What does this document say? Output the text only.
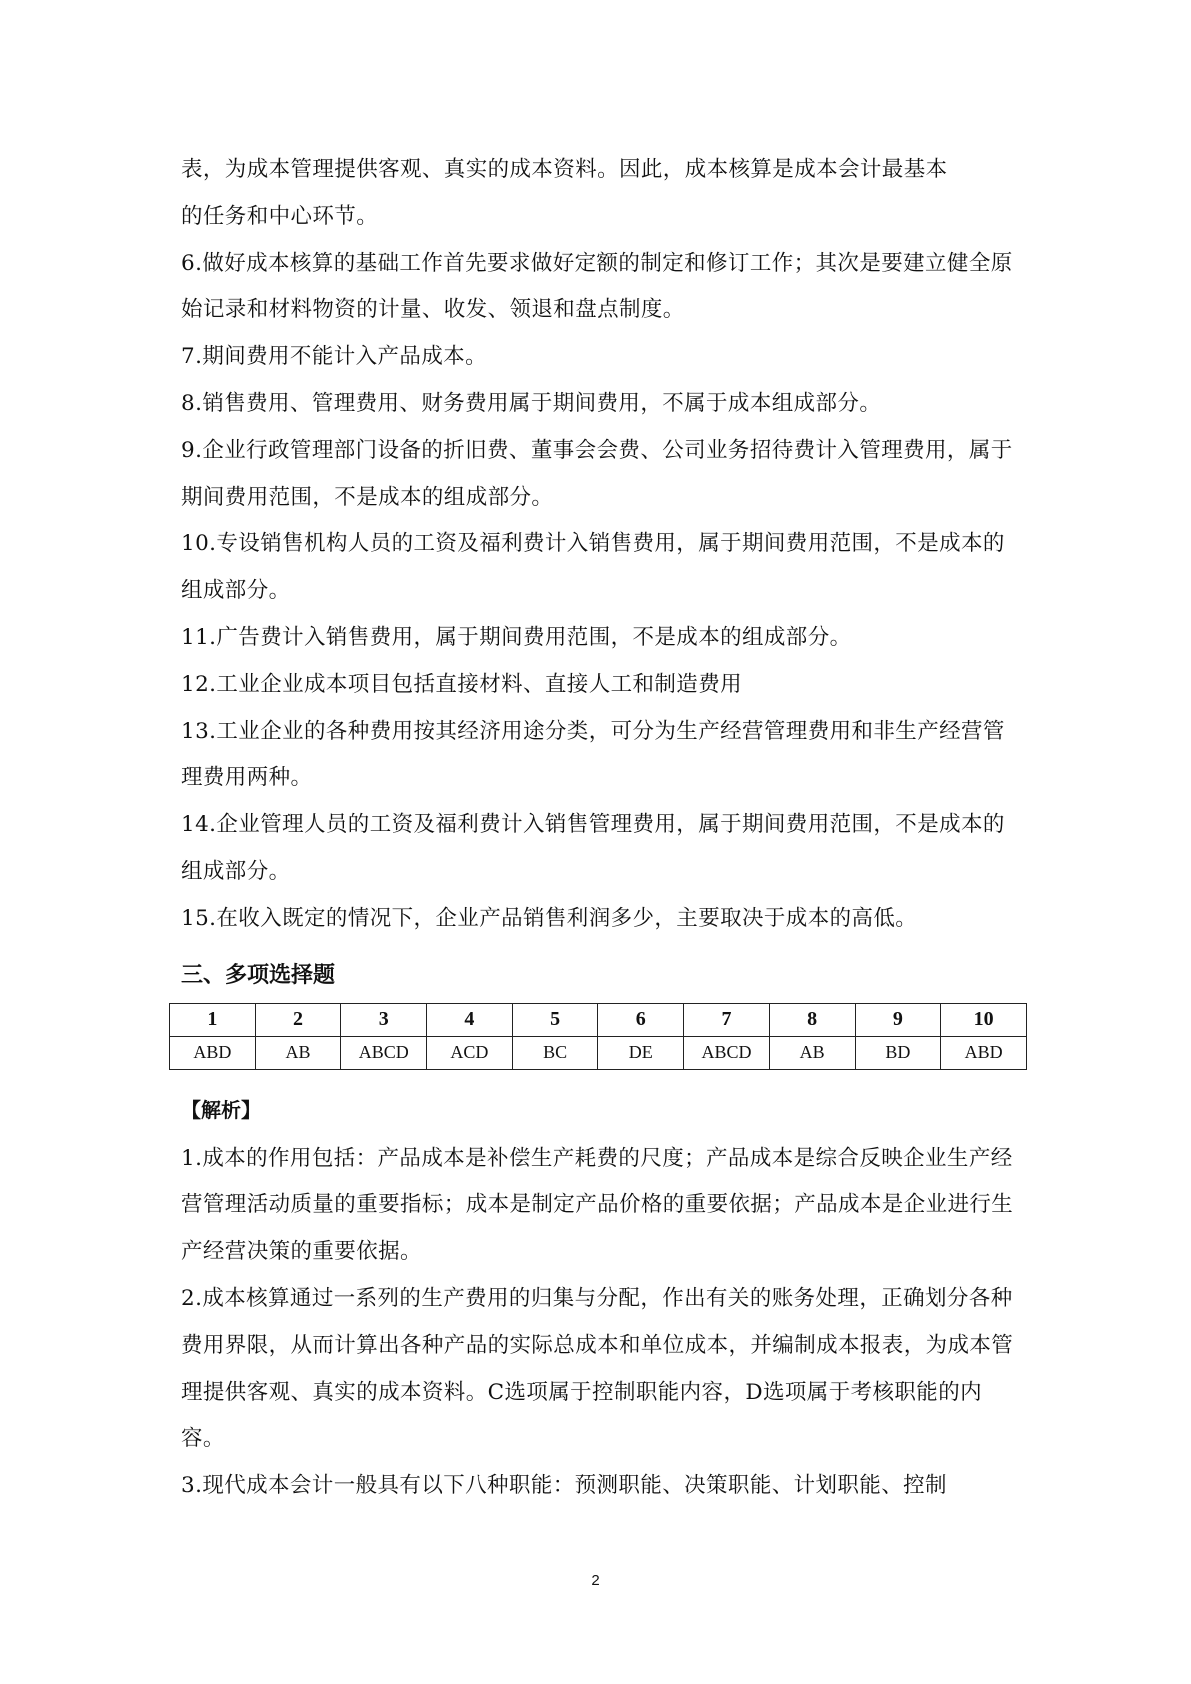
表，为成本管理提供客观、真实的成本资料。因此，成本核算是成本会计最基本

的任务和中心环节。

6.做好成本核算的基础工作首先要求做好定额的制定和修订工作；其次是要建立健全原始记录和材料物资的计量、收发、领退和盘点制度。

7.期间费用不能计入产品成本。

8.销售费用、管理费用、财务费用属于期间费用，不属于成本组成部分。

9.企业行政管理部门设备的折旧费、董事会会费、公司业务招待费计入管理费用，属于期间费用范围，不是成本的组成部分。

10.专设销售机构人员的工资及福利费计入销售费用，属于期间费用范围，不是成本的组成部分。

11.广告费计入销售费用，属于期间费用范围，不是成本的组成部分。

12.工业企业成本项目包括直接材料、直接人工和制造费用

13.工业企业的各种费用按其经济用途分类，可分为生产经营管理费用和非生产经营管理费用两种。

14.企业管理人员的工资及福利费计入销售管理费用，属于期间费用范围，不是成本的组成部分。

15.在收入既定的情况下，企业产品销售利润多少，主要取决于成本的高低。

三、多项选择题
1	2	3	4	5	6	7	8	9	10
ABD	AB	ABCD	ACD	BC	DE	ABCD	AB	BD	ABD
【解析】

1.成本的作用包括：产品成本是补偿生产耗费的尺度；产品成本是综合反映企业生产经营管理活动质量的重要指标；成本是制定产品价格的重要依据；产品成本是企业进行生产经营决策的重要依据。

2.成本核算通过一系列的生产费用的归集与分配，作出有关的账务处理，正确划分各种费用界限，从而计算出各种产品的实际总成本和单位成本，并编制成本报表，为成本管理提供客观、真实的成本资料。C选项属于控制职能内容，D选项属于考核职能的内容。

3.现代成本会计一般具有以下八种职能：预测职能、决策职能、计划职能、控制

2
